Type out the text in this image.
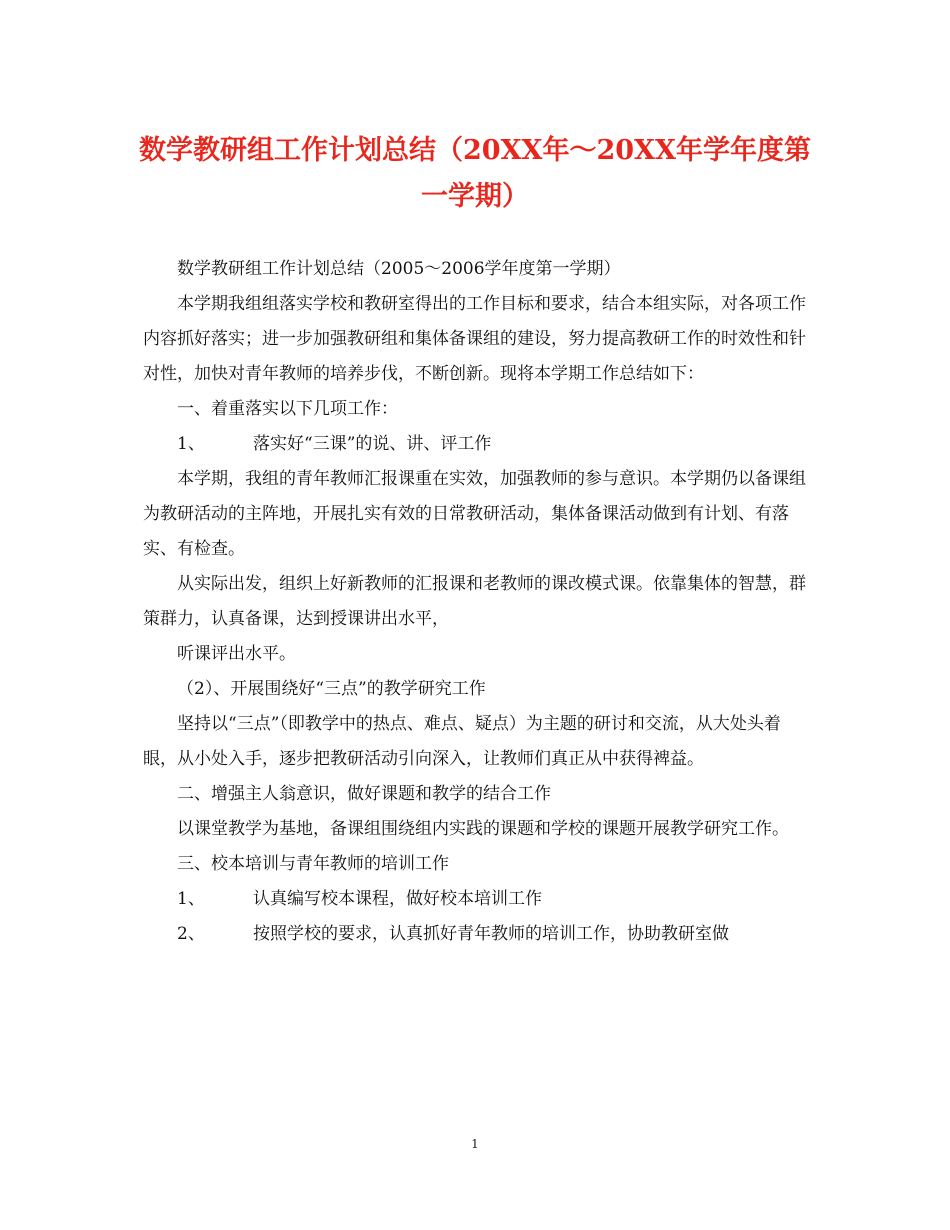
数学教研组工作计划总结（20XX年～20XX年学年度第一学期）

数学教研组工作计划总结（2005～2006学年度第一学期）

本学期我组组落实学校和教研室得出的工作目标和要求，结合本组实际，对各项工作内容抓好落实；进一步加强教研组和集体备课组的建设，努力提高教研工作的时效性和针对性，加快对青年教师的培养步伐，不断创新。现将本学期工作总结如下：

一、着重落实以下几项工作：

1、	落实好“三课”的说、讲、评工作

本学期，我组的青年教师汇报课重在实效，加强教师的参与意识。本学期仍以备课组为教研活动的主阵地，开展扎实有效的日常教研活动，集体备课活动做到有计划、有落实、有检查。

从实际出发，组织上好新教师的汇报课和老教师的课改模式课。依靠集体的智慧，群策群力，认真备课，达到授课讲出水平，

听课评出水平。

（2）、开展围绕好“三点”的教学研究工作

坚持以“三点”（即教学中的热点、难点、疑点）为主题的研讨和交流，从大处头着眼，从小处入手，逐步把教研活动引向深入，让教师们真正从中获得裨益。

二、增强主人翁意识，做好课题和教学的结合工作

以课堂教学为基地，备课组围绕组内实践的课题和学校的课题开展教学研究工作。

三、校本培训与青年教师的培训工作

1、	认真编写校本课程，做好校本培训工作

2、	按照学校的要求，认真抓好青年教师的培训工作，协助教研室做

1
